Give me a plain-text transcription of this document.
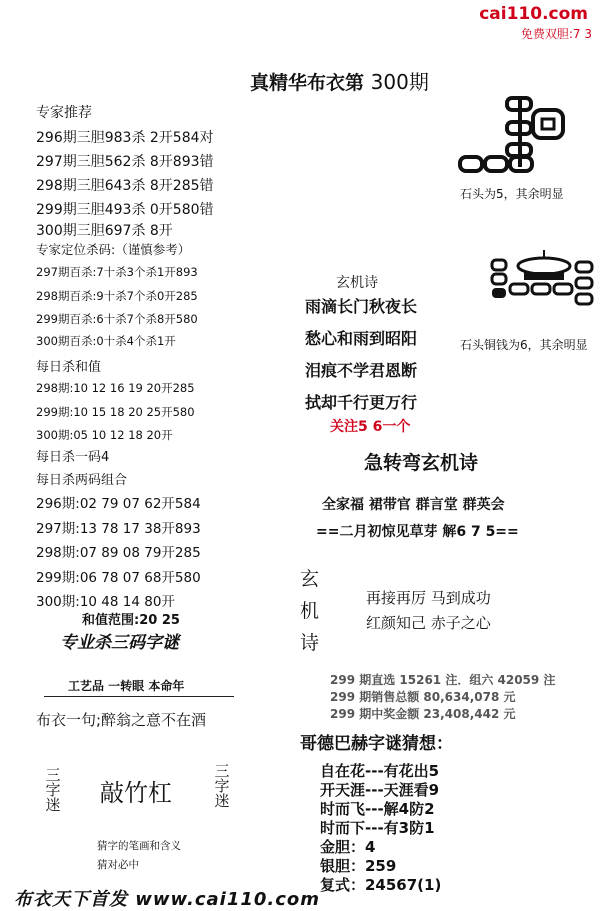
cai110.com
免费双胆:7 3
真精华布衣第 300期
专家推荐
296期三胆983杀 2开584对
297期三胆562杀 8开893错
298期三胆643杀 8开285错
299期三胆493杀 0开580错
300期三胆697杀 8开
专家定位杀码:（谨慎参考）
297期百杀:7十杀3个杀1开893
298期百杀:9十杀7个杀0开285
299期百杀:6十杀7个杀8开580
300期百杀:0十杀4个杀1开
每日杀和值
298期:10 12 16 19 20开285
299期:10 15 18 20 25开580
300期:05 10 12 18 20开
每日杀一码4
每日杀两码组合
296期:02 79 07 62开584
297期:13 78 17 38开893
298期:07 89 08 79开285
299期:06 78 07 68开580
300期:10 48 14 80开
和值范围:20 25
专业杀三码字谜
工艺品 一转眼 本命年
布衣一句;醉翁之意不在酒
三字迷 敲竹杠
三字迷
猜字的笔画和含义
猜对必中
布衣天下首发 www.cai110.com
石头为5，其余明显
石头铜钱为6，其余明显
玄机诗
雨滴长门秋夜长
愁心和雨到昭阳
泪痕不学君恩断
拭却千行更万行
关注5 6一个
急转弯玄机诗
全家福 裙带官 群言堂 群英会
==二月初惊见草芽 解6 7 5==
玄
机
诗
再接再厉 马到成功
红颜知己 赤子之心
299 期直选 15261 注．组六 42059 注
299 期销售总额 80,634,078 元
299 期中奖金额 23,408,442 元
哥德巴赫字谜猜想：
自在花---有花出5
开天涯---天涯看9
时而飞---解4防2
时而下---有3防1
金胆：4
银胆：259
复式：24567(1)
